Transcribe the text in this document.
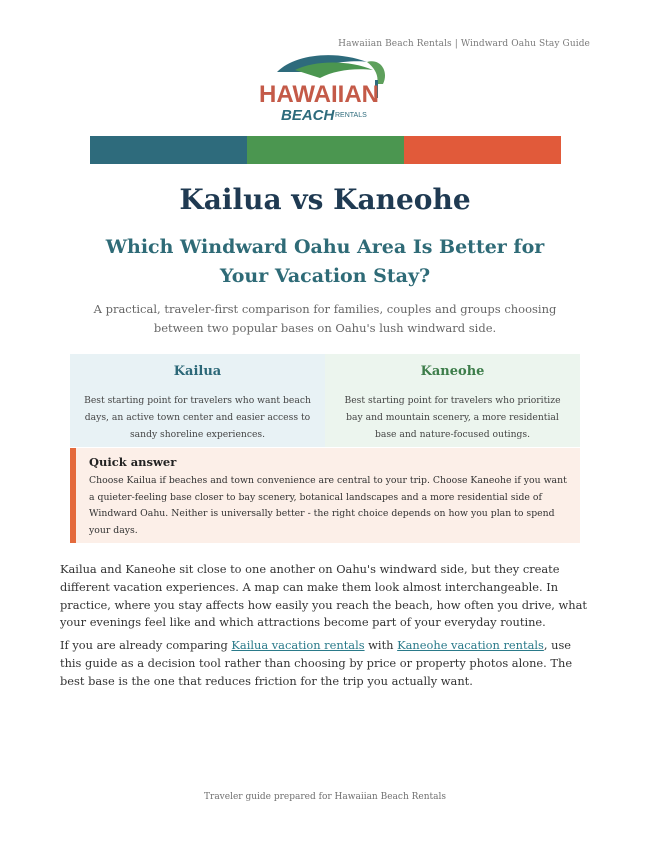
Hawaiian Beach Rentals | Windward Oahu Stay Guide
HAWAIIAN
BEACH RENTALS
Kailua vs Kaneohe
Which Windward Oahu Area Is Better for Your Vacation Stay?

A practical, traveler-first comparison for families, couples and groups choosing between two popular bases on Oahu's lush windward side.

Kailua

Best starting point for travelers who want beach days, an active town center and easier access to sandy shoreline experiences.

Kaneohe

Best starting point for travelers who prioritize bay and mountain scenery, a more residential base and nature-focused outings.

Quick answer

Choose Kailua if beaches and town convenience are central to your trip. Choose Kaneohe if you want a quieter-feeling base closer to bay scenery, botanical landscapes and a more residential side of Windward Oahu. Neither is universally better - the right choice depends on how you plan to spend your days.

Kailua and Kaneohe sit close to one another on Oahu's windward side, but they create different vacation experiences. A map can make them look almost interchangeable. In practice, where you stay affects how easily you reach the beach, how often you drive, what your evenings feel like and which attractions become part of your everyday routine.

If you are already comparing Kailua vacation rentals with Kaneohe vacation rentals, use this guide as a decision tool rather than choosing by price or property photos alone. The best base is the one that reduces friction for the trip you actually want.

Traveler guide prepared for Hawaiian Beach Rentals
